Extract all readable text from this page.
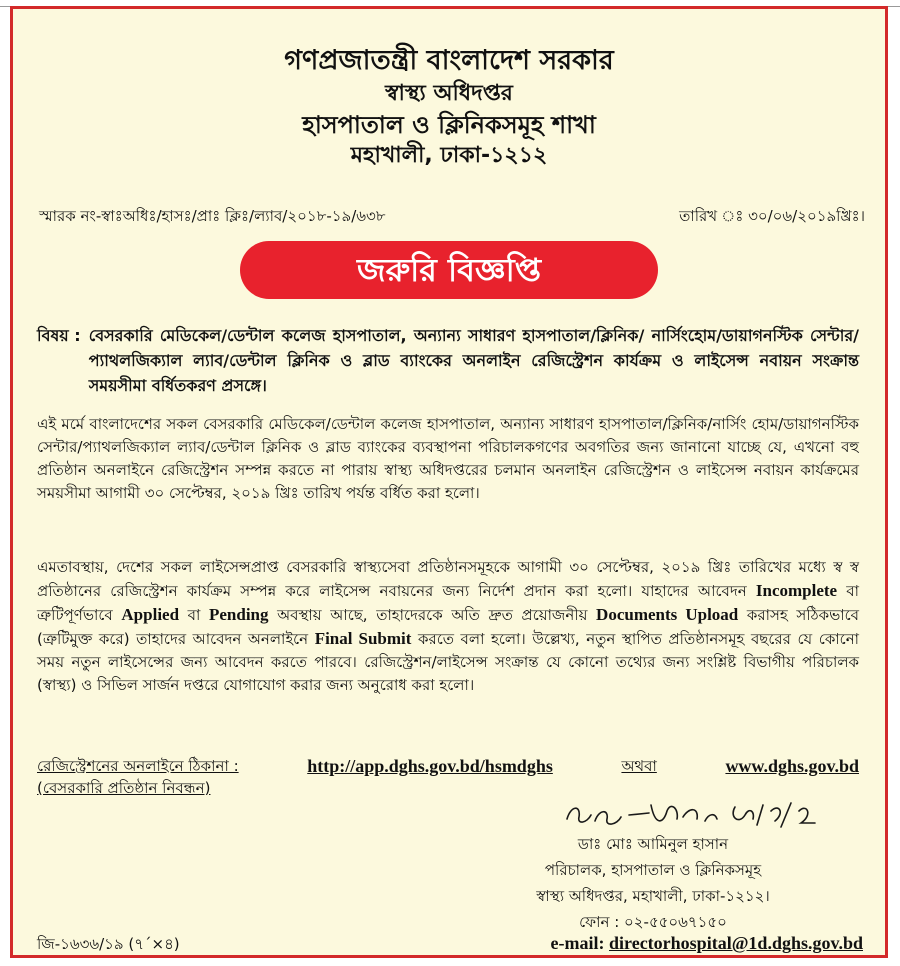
গণপ্রজাতন্ত্রী বাংলাদেশ সরকার
স্বাস্থ্য অধিদপ্তর
হাসপাতাল ও ক্লিনিকসমূহ শাখা
মহাখালী, ঢাকা-১২১২
স্মারক নং-স্বাঃঅধিঃ/হাসঃ/প্রাঃ ক্লিঃ/ল্যাব/২০১৮-১৯/৬৩৮	তারিখ ঃ ৩০/০৬/২০১৯খ্রিঃ।
জরুরি বিজ্ঞপ্তি
বিষয় : বেসরকারি মেডিকেল/ডেন্টাল কলেজ হাসপাতাল, অন্যান্য সাধারণ হাসপাতাল/ক্লিনিক/ নার্সিংহোম/ডায়াগনস্টিক সেন্টার/প্যাথলজিক্যাল ল্যাব/ডেন্টাল ক্লিনিক ও ব্লাড ব্যাংকের অনলাইন রেজিস্ট্রেশন কার্যক্রম ও লাইসেন্স নবায়ন সংক্রান্ত সময়সীমা বর্ধিতকরণ প্রসঙ্গে।
এই মর্মে বাংলাদেশের সকল বেসরকারি মেডিকেল/ডেন্টাল কলেজ হাসপাতাল, অন্যান্য সাধারণ হাসপাতাল/ক্লিনিক/নার্সিং হোম/ডায়াগনস্টিক সেন্টার/প্যাথলজিক্যাল ল্যাব/ডেন্টাল ক্লিনিক ও ব্লাড ব্যাংকের ব্যবস্থাপনা পরিচালকগণের অবগতির জন্য জানানো যাচ্ছে যে, এখনো বহু প্রতিষ্ঠান অনলাইনে রেজিস্ট্রেশন সম্পন্ন করতে না পারায় স্বাস্থ্য অধিদপ্তরের চলমান অনলাইন রেজিস্ট্রেশন ও লাইসেন্স নবায়ন কার্যক্রমের সময়সীমা আগামী ৩০ সেপ্টেম্বর, ২০১৯ খ্রিঃ তারিখ পর্যন্ত বর্ধিত করা হলো।
এমতাবস্থায়, দেশের সকল লাইসেন্সপ্রাপ্ত বেসরকারি স্বাস্থ্যসেবা প্রতিষ্ঠানসমূহকে আগামী ৩০ সেপ্টেম্বর, ২০১৯ খ্রিঃ তারিখের মধ্যে স্ব স্ব প্রতিষ্ঠানের রেজিস্ট্রেশন কার্যক্রম সম্পন্ন করে লাইসেন্স নবায়নের জন্য নির্দেশ প্রদান করা হলো। যাহাদের আবেদন Incomplete বা ত্রুটিপূর্ণভাবে Applied বা Pending অবস্থায় আছে, তাহাদেরকে অতি দ্রুত প্রয়োজনীয় Documents Upload করাসহ সঠিকভাবে (ত্রুটিমুক্ত করে) তাহাদের আবেদন অনলাইনে Final Submit করতে বলা হলো। উল্লেখ্য, নতুন স্থাপিত প্রতিষ্ঠানসমূহ বছরের যে কোনো সময় নতুন লাইসেন্সের জন্য আবেদন করতে পারবে। রেজিস্ট্রেশন/লাইসেন্স সংক্রান্ত যে কোনো তথ্যের জন্য সংশ্লিষ্ট বিভাগীয় পরিচালক (স্বাস্থ্য) ও সিভিল সার্জন দপ্তরে যোগাযোগ করার জন্য অনুরোধ করা হলো।
রেজিস্ট্রেশনের অনলাইনে ঠিকানা :	http://app.dghs.gov.bd/hsmdghs	অথবা	www.dghs.gov.bd
(বেসরকারি প্রতিষ্ঠান নিবন্ধন)
ডাঃ মোঃ আমিনুল হাসান
পরিচালক, হাসপাতাল ও ক্লিনিকসমূহ
স্বাস্থ্য অধিদপ্তর, মহাখালী, ঢাকা-১২১২।
ফোন : ০২-৫৫০৬৭১৫০
জি-১৬৩৬/১৯ (৭‌´×৪‌)	e-mail: directorhospital@1d.dghs.gov.bd
